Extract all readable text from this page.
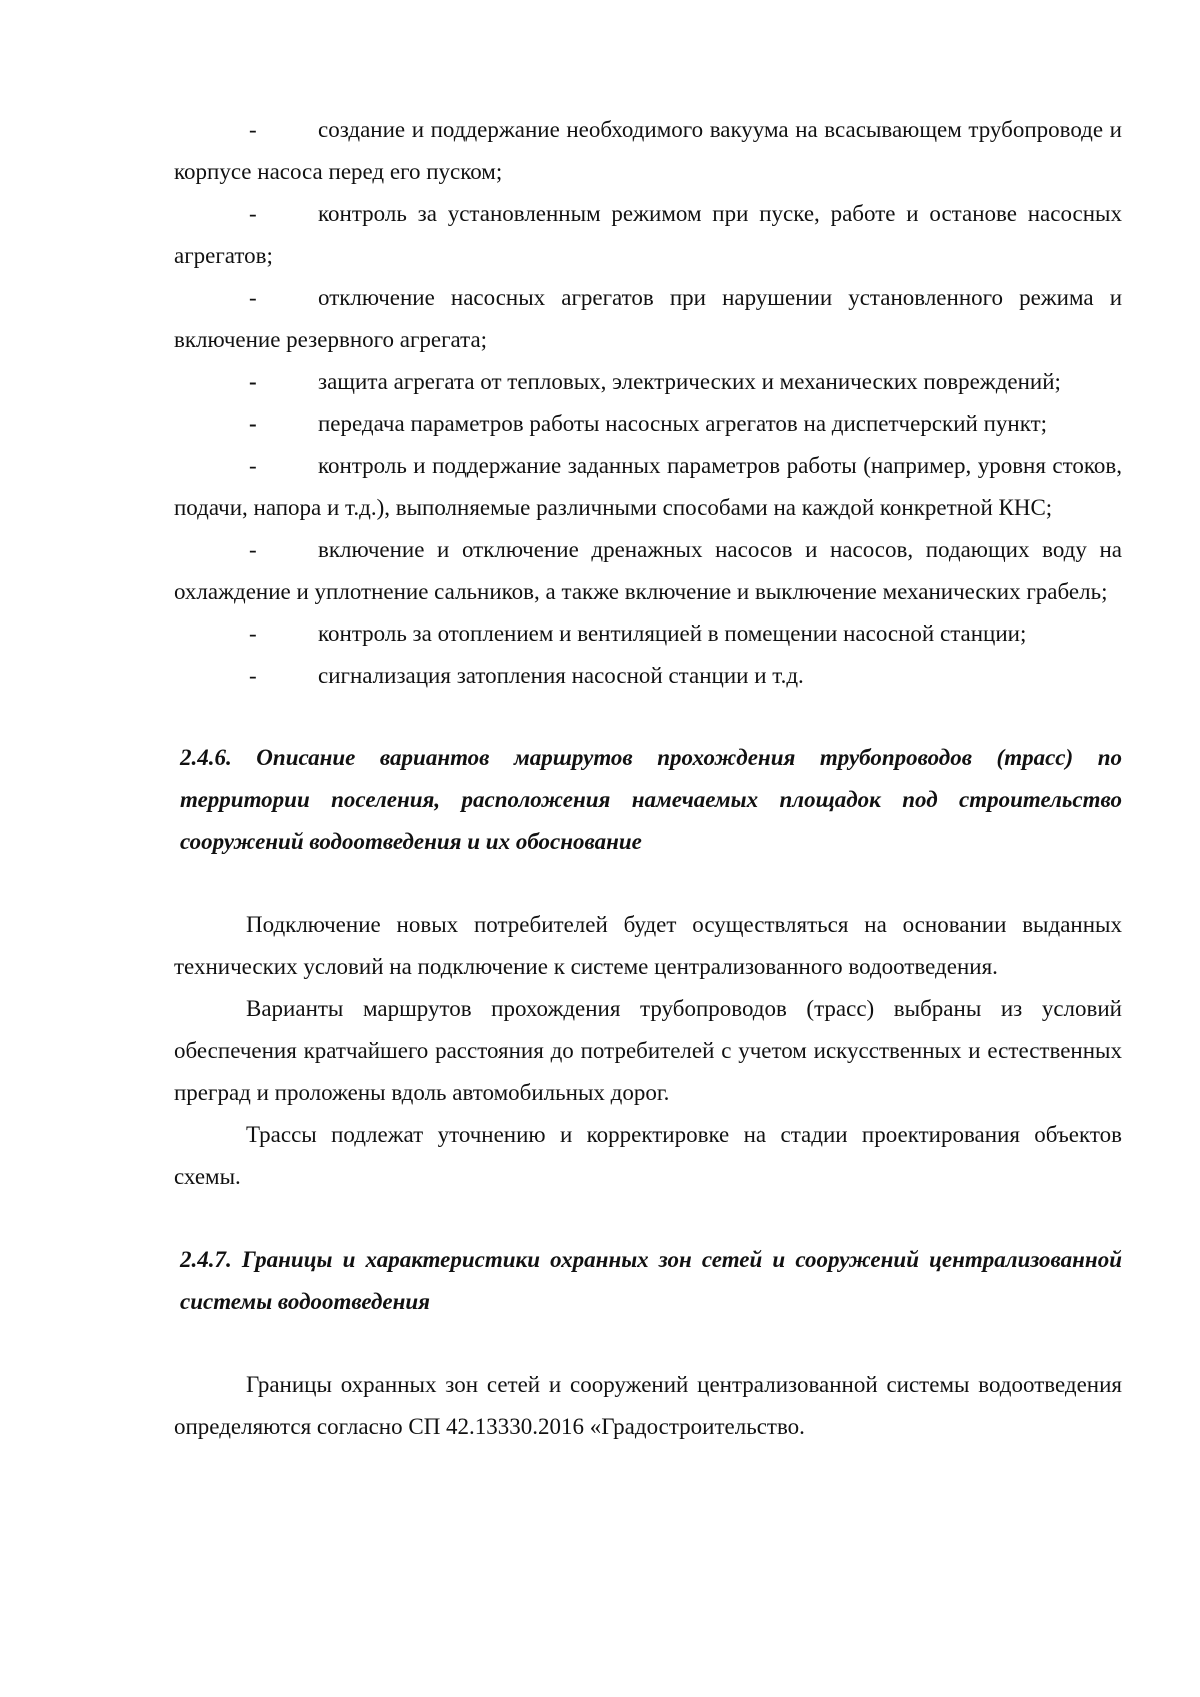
-	создание и поддержание необходимого вакуума на всасывающем трубопроводе и корпусе насоса перед его пуском;

-	контроль за установленным режимом при пуске, работе и останове насосных агрегатов;

-	отключение насосных агрегатов при нарушении установленного режима и включение резервного агрегата;

-	защита агрегата от тепловых, электрических и механических повреждений;

-	передача параметров работы насосных агрегатов на диспетчерский пункт;

-	контроль и поддержание заданных параметров работы (например, уровня стоков, подачи, напора и т.д.), выполняемые различными способами на каждой конкретной КНС;

-	включение и отключение дренажных насосов и насосов, подающих воду на охлаждение и уплотнение сальников, а также включение и выключение механических грабель;

-	контроль за отоплением и вентиляцией в помещении насосной станции;

-	сигнализация затопления насосной станции и т.д.

2.4.6. Описание вариантов маршрутов прохождения трубопроводов (трасс) по территории поселения, расположения намечаемых площадок под строительство сооружений водоотведения и их обоснование

Подключение новых потребителей будет осуществляться на основании выданных технических условий на подключение к системе централизованного водоотведения.

Варианты маршрутов прохождения трубопроводов (трасс) выбраны из условий обеспечения кратчайшего расстояния до потребителей с учетом искусственных и естественных преград и проложены вдоль автомобильных дорог.

Трассы подлежат уточнению и корректировке на стадии проектирования объектов схемы.

2.4.7. Границы и характеристики охранных зон сетей и сооружений централизованной системы водоотведения

Границы охранных зон сетей и сооружений централизованной системы водоотведения определяются согласно СП 42.13330.2016 «Градостроительство.
